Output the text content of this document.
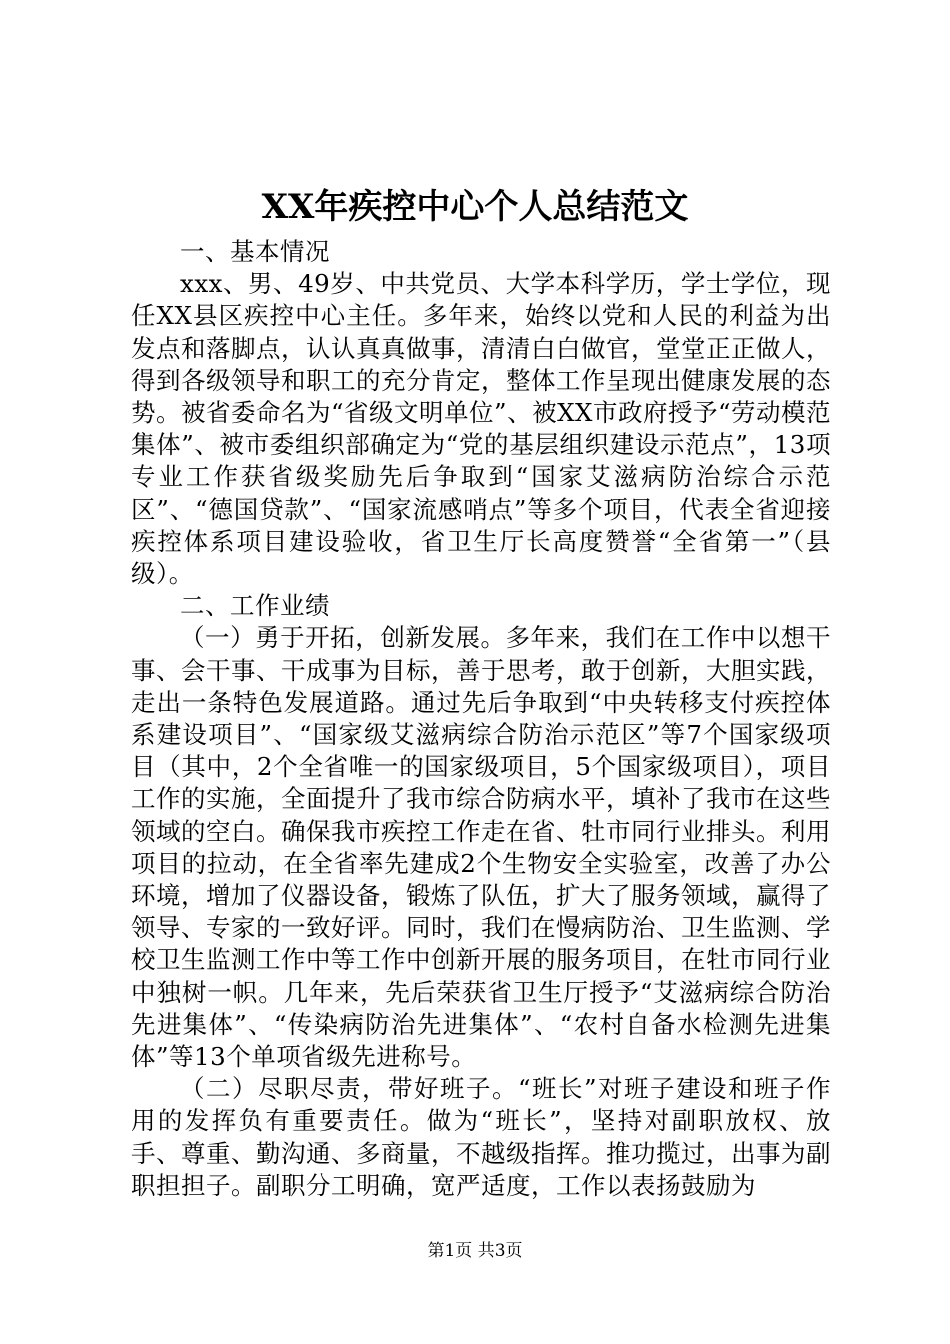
XX年疾控中心个人总结范文

一、基本情况

xxx、男、49岁、中共党员、大学本科学历，学士学位，现任XX县区疾控中心主任。多年来，始终以党和人民的利益为出发点和落脚点，认认真真做事，清清白白做官，堂堂正正做人，得到各级领导和职工的充分肯定，整体工作呈现出健康发展的态势。被省委命名为“省级文明单位”、被XX市政府授予“劳动模范集体”、被市委组织部确定为“党的基层组织建设示范点”，13项专业工作获省级奖励先后争取到“国家艾滋病防治综合示范区”、“德国贷款”、“国家流感哨点”等多个项目，代表全省迎接疾控体系项目建设验收，省卫生厅长高度赞誉“全省第一”（县级）。

二、工作业绩

（一）勇于开拓，创新发展。多年来，我们在工作中以想干事、会干事、干成事为目标，善于思考，敢于创新，大胆实践，走出一条特色发展道路。通过先后争取到“中央转移支付疾控体系建设项目”、“国家级艾滋病综合防治示范区”等7个国家级项目（其中，2个全省唯一的国家级项目，5个国家级项目），项目工作的实施，全面提升了我市综合防病水平，填补了我市在这些领域的空白。确保我市疾控工作走在省、牡市同行业排头。利用项目的拉动，在全省率先建成2个生物安全实验室，改善了办公环境，增加了仪器设备，锻炼了队伍，扩大了服务领域，赢得了领导、专家的一致好评。同时，我们在慢病防治、卫生监测、学校卫生监测工作中等工作中创新开展的服务项目，在牡市同行业中独树一帜。几年来，先后荣获省卫生厅授予“艾滋病综合防治先进集体”、“传染病防治先进集体”、“农村自备水检测先进集体”等13个单项省级先进称号。

（二）尽职尽责，带好班子。“班长”对班子建设和班子作用的发挥负有重要责任。做为“班长”，坚持对副职放权、放手、尊重、勤沟通、多商量，不越级指挥。推功揽过，出事为副职担担子。副职分工明确，宽严适度，工作以表扬鼓励为

第1页 共3页
